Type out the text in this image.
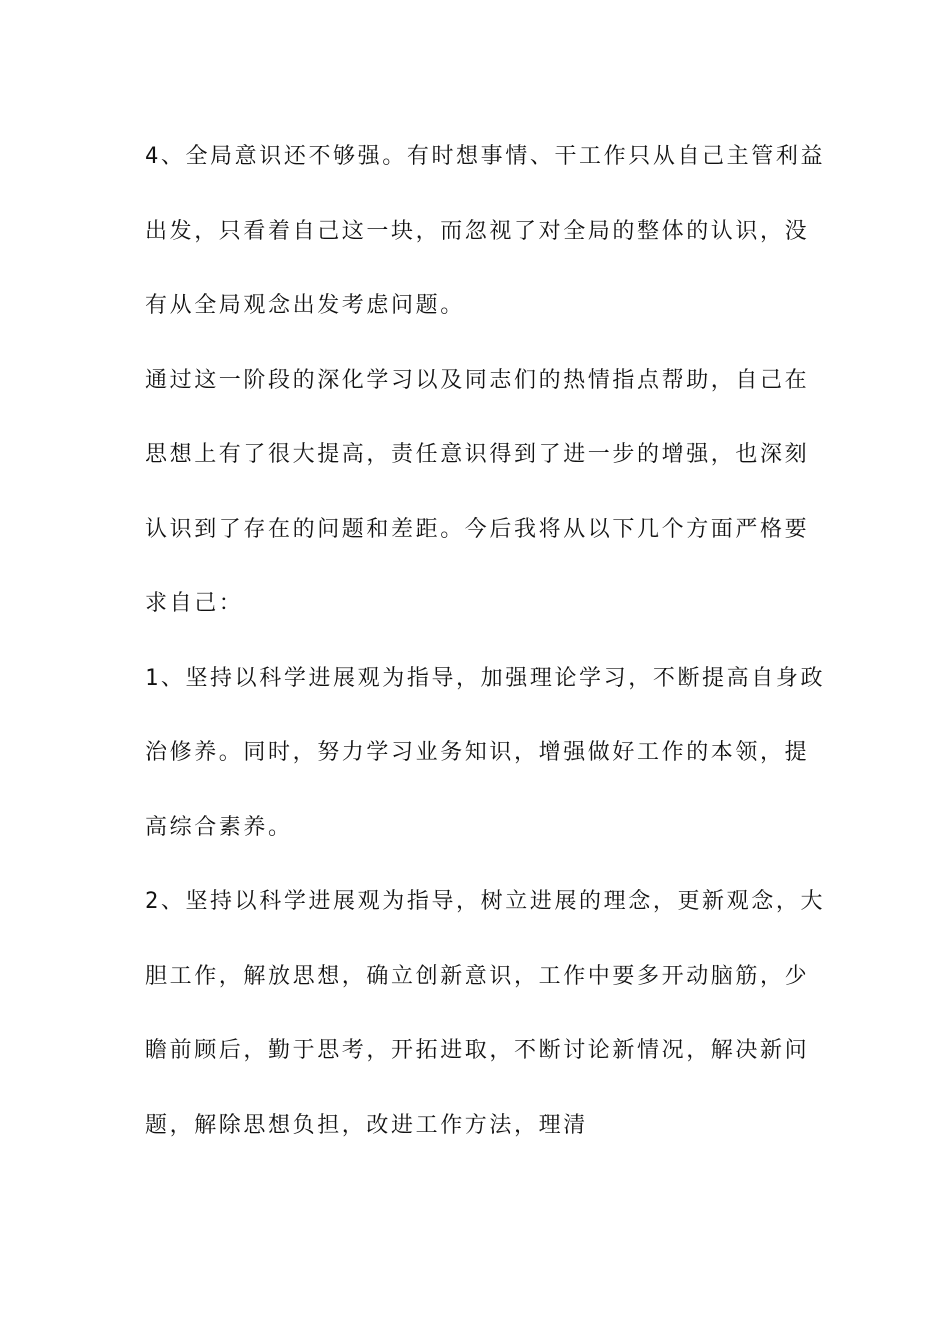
4、全局意识还不够强。有时想事情、干工作只从自己主管利益
出发，只看着自己这一块，而忽视了对全局的整体的认识，没
有从全局观念出发考虑问题。
通过这一阶段的深化学习以及同志们的热情指点帮助，自己在
思想上有了很大提高，责任意识得到了进一步的增强，也深刻
认识到了存在的问题和差距。今后我将从以下几个方面严格要
求自己：
1、坚持以科学进展观为指导，加强理论学习，不断提高自身政
治修养。同时，努力学习业务知识，增强做好工作的本领，提
高综合素养。
2、坚持以科学进展观为指导，树立进展的理念，更新观念，大
胆工作，解放思想，确立创新意识，工作中要多开动脑筋，少
瞻前顾后，勤于思考，开拓进取，不断讨论新情况，解决新问
题，解除思想负担，改进工作方法，理清
